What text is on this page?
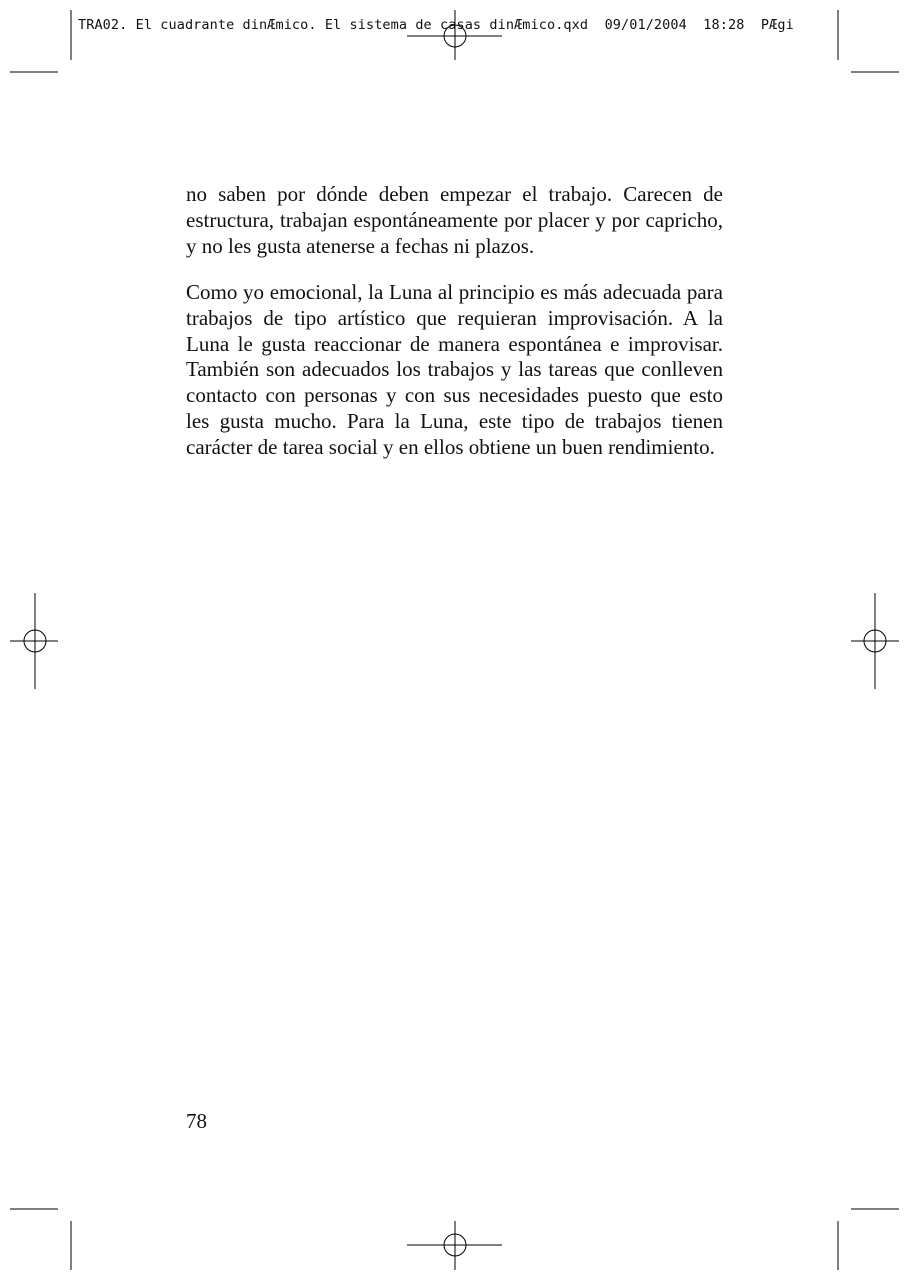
TRA02. El cuadrante dinÆmico. El sistema de casas dinÆmico.qxd  09/01/2004  18:28  PÆgi

no saben por dónde deben empezar el trabajo. Carecen de estructura, trabajan espontáneamente por placer y por capricho, y no les gusta atenerse a fechas ni plazos.

Como yo emocional, la Luna al principio es más adecuada para trabajos de tipo artístico que requieran improvisación. A la Luna le gusta reaccionar de manera espontánea e improvisar. También son adecuados los trabajos y las tareas que conlleven contacto con personas y con sus necesidades puesto que esto les gusta mucho. Para la Luna, este tipo de trabajos tienen carácter de tarea social y en ellos obtiene un buen rendimiento.

78
